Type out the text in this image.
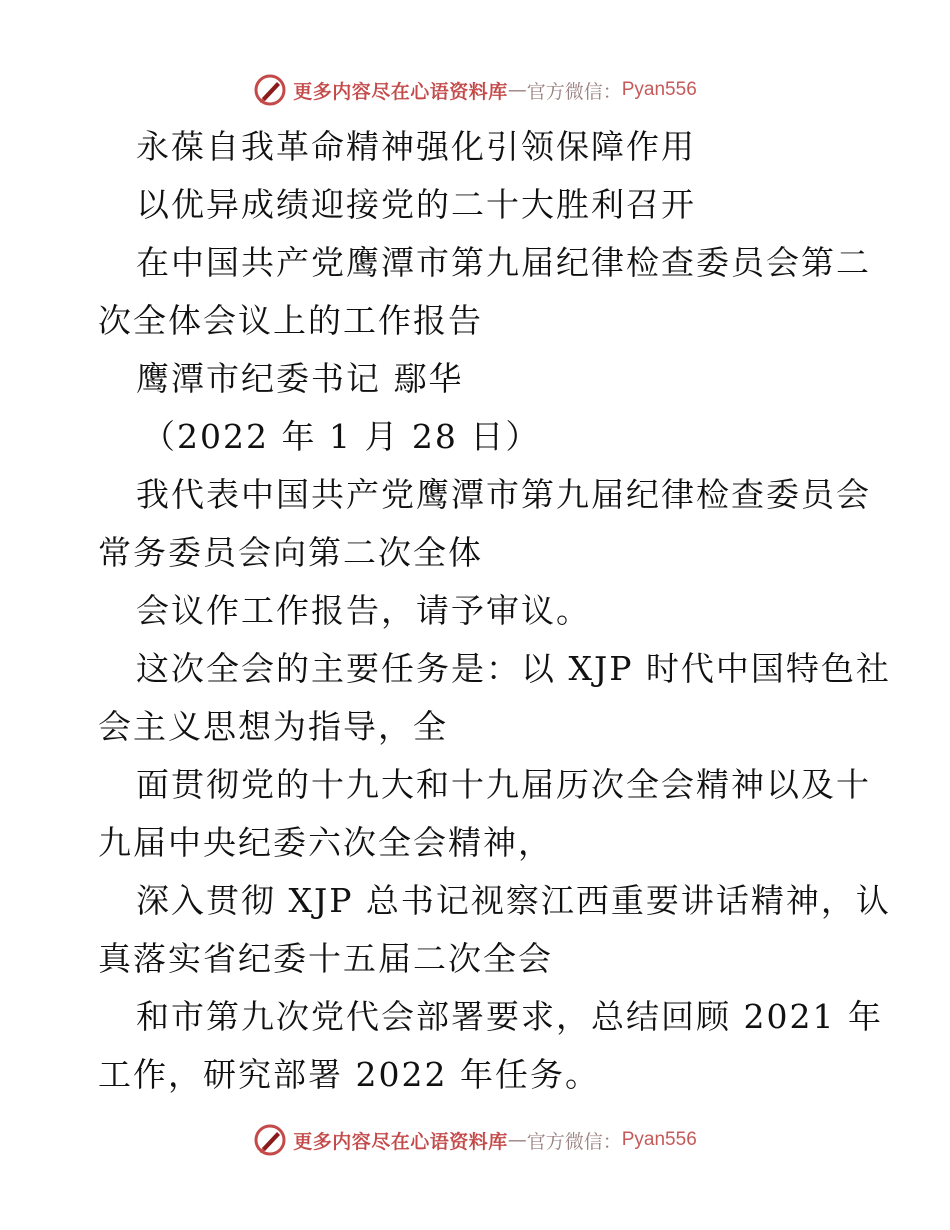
更多内容尽在心语资料库 — 官方微信： Pyan556
永葆自我革命精神强化引领保障作用
以优异成绩迎接党的二十大胜利召开
在中国共产党鹰潭市第九届纪律检查委员会第二
次全体会议上的工作报告
鹰潭市纪委书记 鄢华
（2022 年 1 月 28 日）
我代表中国共产党鹰潭市第九届纪律检查委员会
常务委员会向第二次全体
会议作工作报告，请予审议。
这次全会的主要任务是：以 XJP 时代中国特色社
会主义思想为指导，全
面贯彻党的十九大和十九届历次全会精神以及十
九届中央纪委六次全会精神，
深入贯彻 XJP 总书记视察江西重要讲话精神，认
真落实省纪委十五届二次全会
和市第九次党代会部署要求，总结回顾 2021 年
工作，研究部署 2022 年任务。
更多内容尽在心语资料库 — 官方微信： Pyan556
